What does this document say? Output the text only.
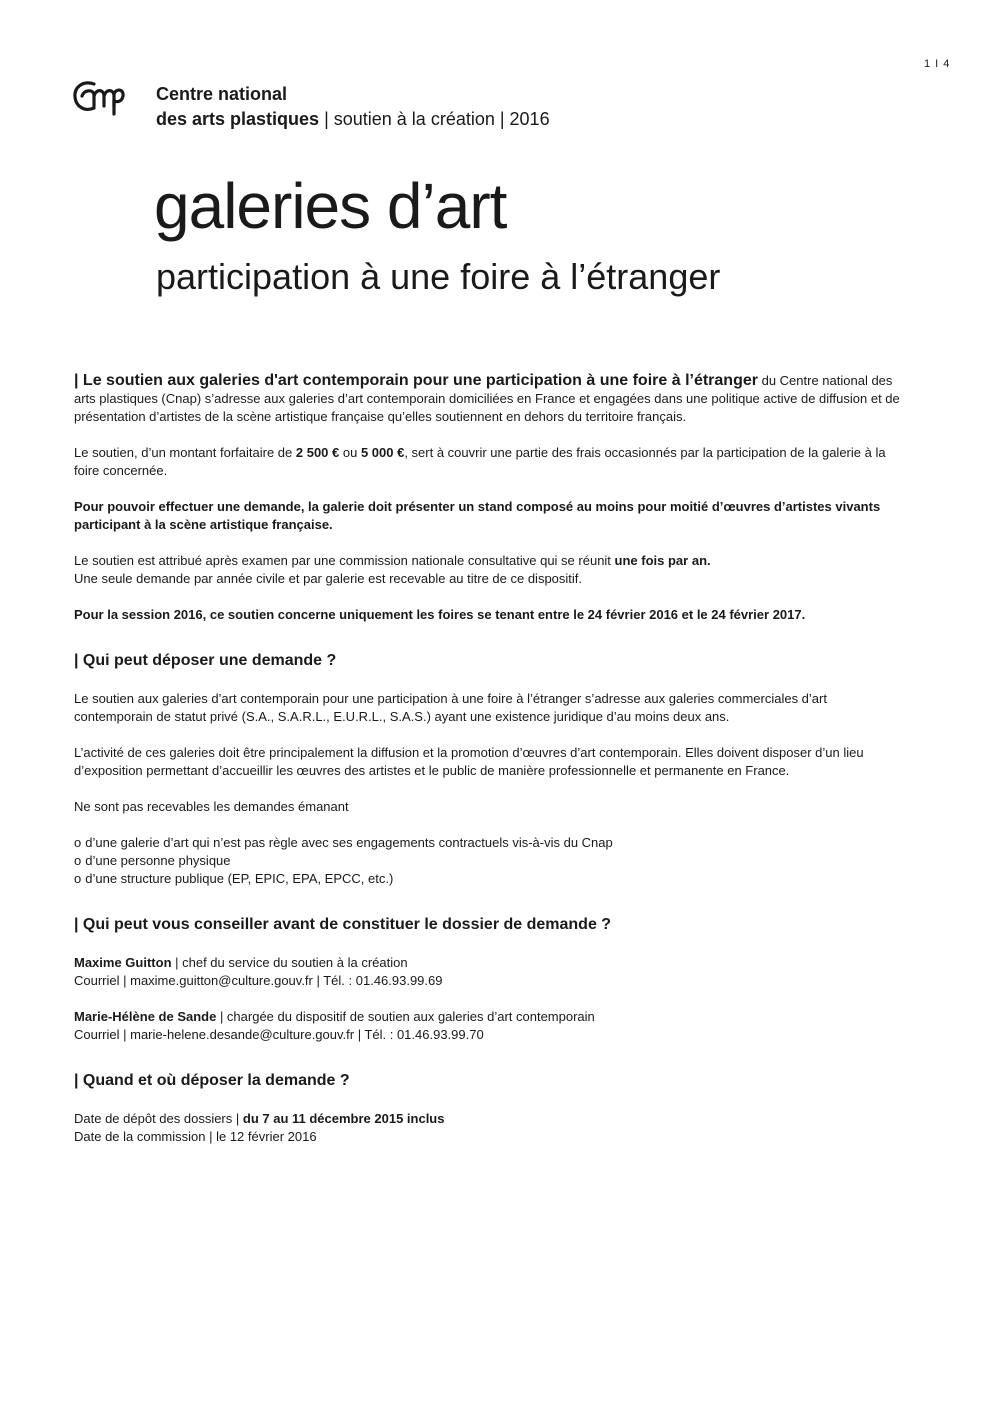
1 I 4
Centre national
des arts plastiques | soutien à la création | 2016
galeries d’art
participation à une foire à l’étranger

| Le soutien aux galeries d'art contemporain pour une participation à une foire à l’étranger du Centre national des arts plastiques (Cnap) s’adresse aux galeries d’art contemporain domiciliées en France et engagées dans une politique active de diffusion et de présentation d’artistes de la scène artistique française qu’elles soutiennent en dehors du territoire français.

Le soutien, d’un montant forfaitaire de 2 500 € ou 5 000 €, sert à couvrir une partie des frais occasionnés par la participation de la galerie à la foire concernée.

Pour pouvoir effectuer une demande, la galerie doit présenter un stand composé au moins pour moitié d’œuvres d’artistes vivants participant à la scène artistique française.

Le soutien est attribué après examen par une commission nationale consultative qui se réunit une fois par an.

Une seule demande par année civile et par galerie est recevable au titre de ce dispositif.

Pour la session 2016, ce soutien concerne uniquement les foires se tenant entre le 24 février 2016 et le 24 février 2017.

| Qui peut déposer une demande ?

Le soutien aux galeries d’art contemporain pour une participation à une foire à l’étranger s’adresse aux galeries commerciales d’art contemporain de statut privé (S.A., S.A.R.L., E.U.R.L., S.A.S.) ayant une existence juridique d’au moins deux ans.

L’activité de ces galeries doit être principalement la diffusion et la promotion d’œuvres d’art contemporain. Elles doivent disposer d’un lieu d’exposition permettant d’accueillir les œuvres des artistes et le public de manière professionnelle et permanente en France.

Ne sont pas recevables les demandes émanant

o d’une galerie d’art qui n’est pas règle avec ses engagements contractuels vis-à-vis du Cnap
o d’une personne physique
o d’une structure publique (EP, EPIC, EPA, EPCC, etc.)
| Qui peut vous conseiller avant de constituer le dossier de demande ?

Maxime Guitton | chef du service du soutien à la création

Courriel | maxime.guitton@culture.gouv.fr | Tél. : 01.46.93.99.69

Marie-Hélène de Sande | chargée du dispositif de soutien aux galeries d’art contemporain

Courriel | marie-helene.desande@culture.gouv.fr | Tél. : 01.46.93.99.70

| Quand et où déposer la demande ?

Date de dépôt des dossiers | du 7 au 11 décembre 2015 inclus

Date de la commission | le 12 février 2016
